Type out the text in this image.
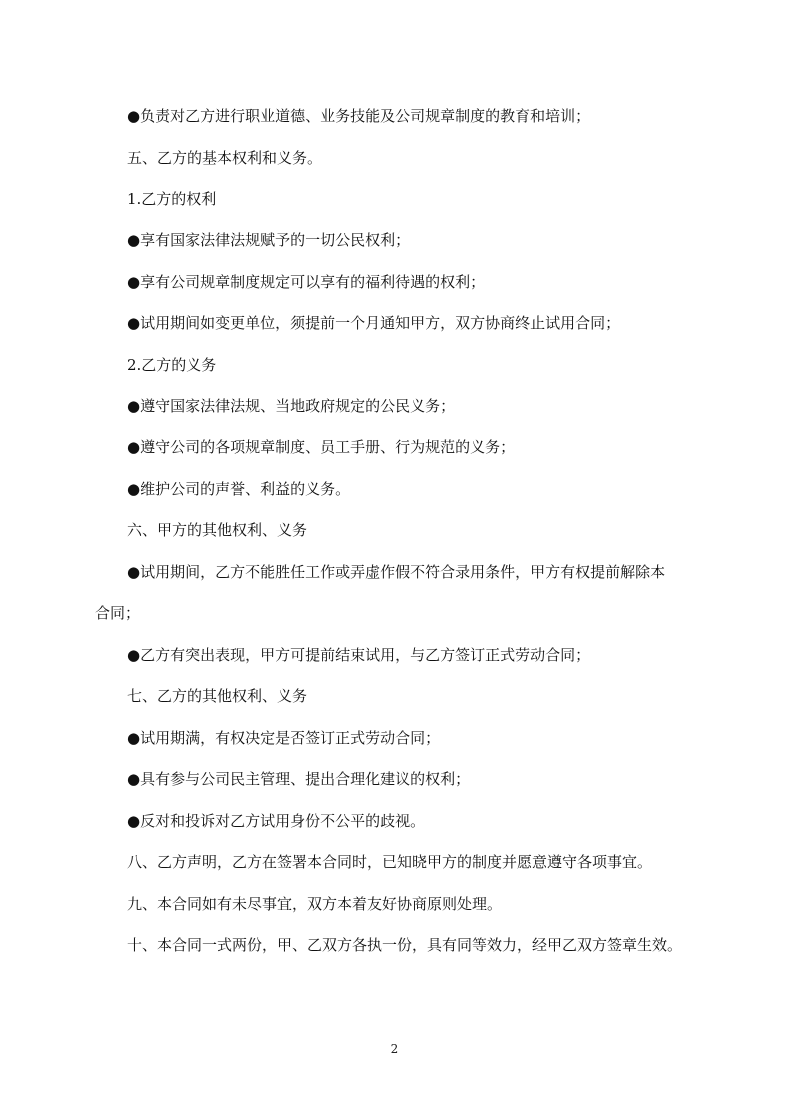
●负责对乙方进行职业道德、业务技能及公司规章制度的教育和培训；
五、乙方的基本权利和义务。
1.乙方的权利
●享有国家法律法规赋予的一切公民权利；
●享有公司规章制度规定可以享有的福利待遇的权利；
●试用期间如变更单位，须提前一个月通知甲方，双方协商终止试用合同；
2.乙方的义务
●遵守国家法律法规、当地政府规定的公民义务；
●遵守公司的各项规章制度、员工手册、行为规范的义务；
●维护公司的声誉、利益的义务。
六、甲方的其他权利、义务
●试用期间，乙方不能胜任工作或弄虚作假不符合录用条件，甲方有权提前解除本
合同；
●乙方有突出表现，甲方可提前结束试用，与乙方签订正式劳动合同；
七、乙方的其他权利、义务
●试用期满，有权决定是否签订正式劳动合同；
●具有参与公司民主管理、提出合理化建议的权利；
●反对和投诉对乙方试用身份不公平的歧视。
八、乙方声明，乙方在签署本合同时，已知晓甲方的制度并愿意遵守各项事宜。
九、本合同如有未尽事宜，双方本着友好协商原则处理。
十、本合同一式两份，甲、乙双方各执一份，具有同等效力，经甲乙双方签章生效。
2
